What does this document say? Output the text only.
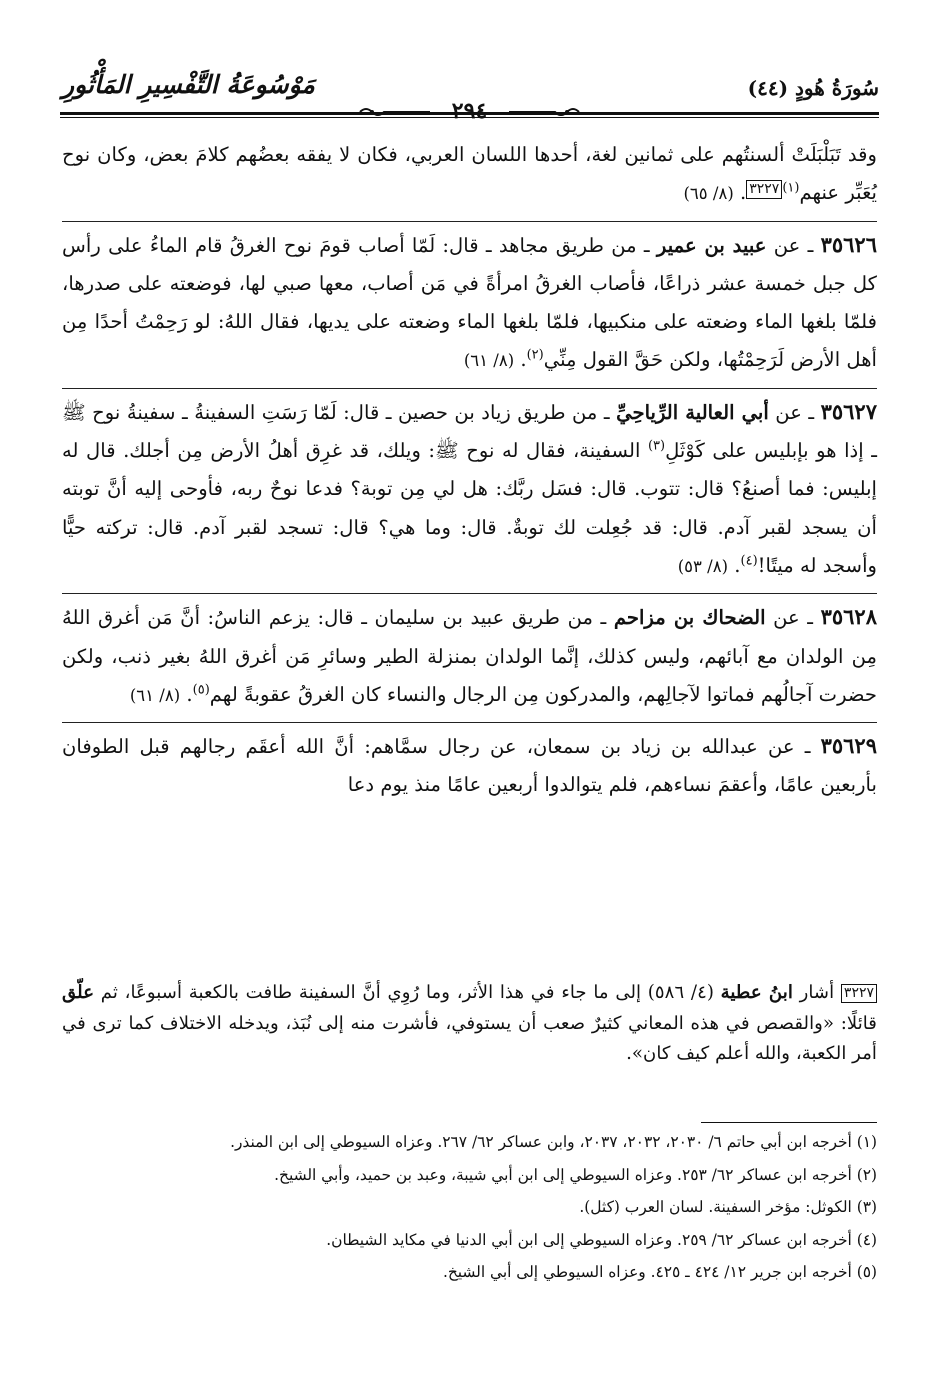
سُورَةُ هُودٍ (٤٤)
مَوْسُوعَةُ التَّفْسِيرِ المَأْثُورِ
٢٩٤

وقد تَبَلْبَلَتْ ألسنتُهم على ثمانين لغة، أحدها اللسان العربي، فكان لا يفقه بعضُهم كلامَ بعض، وكان نوح يُعَبِّر عنهم$^{(١)}$٣٢٢٧. (٨/ ٦٥)

٣٥٦٢٦ ـ عن عبيد بن عمير ـ من طريق مجاهد ـ قال: لَمّا أصاب قومَ نوح الغرقُ قام الماءُ على رأس كل جبل خمسة عشر ذراعًا، فأصاب الغرقُ امرأةً في مَن أصاب، معها صبي لها، فوضعته على صدرها، فلمّا بلغها الماء وضعته على منكبيها، فلمّا بلغها الماء وضعته على يديها، فقال اللهُ: لو رَحِمْتُ أحدًا مِن أهل الأرض لَرَحِمْتُها، ولكن حَقَّ القول مِنِّي$^{(٢)}$. (٨/ ٦١)

٣٥٦٢٧ ـ عن أبي العالية الرِّياحِيِّ ـ من طريق زياد بن حصين ـ قال: لَمّا رَسَتِ السفينةُ ـ سفينةُ نوح ﷺ ـ إذا هو بإبليس على كَوْثَلِ$^{(٣)}$ السفينة، فقال له نوح ﷺ: ويلك، قد غرِق أهلُ الأرض مِن أجلك. قال له إبليس: فما أصنعُ؟ قال: تتوب. قال: فسَل ربَّك: هل لي مِن توبة؟ فدعا نوحٌ ربه، فأوحى إليه أنَّ توبته أن يسجد لقبر آدم. قال: قد جُعِلت لك توبةٌ. قال: وما هي؟ قال: تسجد لقبر آدم. قال: تركته حيًّا وأسجد له ميتًا!$^{(٤)}$. (٨/ ٥٣)

٣٥٦٢٨ ـ عن الضحاك بن مزاحم ـ من طريق عبيد بن سليمان ـ قال: يزعم الناسُ: أنَّ مَن أغرق اللهُ مِن الولدان مع آبائهم، وليس كذلك، إنَّما الولدان بمنزلة الطير وسائرِ مَن أغرق اللهُ بغير ذنب، ولكن حضرت آجالُهم فماتوا لآجالِهم، والمدركون مِن الرجال والنساء كان الغرقُ عقوبةً لهم$^{(٥)}$. (٨/ ٦١)

٣٥٦٢٩ ـ عن عبدالله بن زياد بن سمعان، عن رجال سمَّاهم: أنَّ الله أعقَم رجالهم قبل الطوفان بأربعين عامًا، وأعقمَ نساءهم، فلم يتوالدوا أربعين عامًا منذ يوم دعا

٣٢٢٧ أشار ابنُ عطية (٤/ ٥٨٦) إلى ما جاء في هذا الأثر، وما رُوِي أنَّ السفينة طافت بالكعبة أسبوعًا، ثم علّق قائلًا: «والقصص في هذه المعاني كثيرٌ صعب أن يستوفي، فأشرت منه إلى نُبَذ، ويدخله الاختلاف كما ترى في أمر الكعبة، والله أعلم كيف كان».

(١) أخرجه ابن أبي حاتم ٦/ ٢٠٣٠، ٢٠٣٢، ٢٠٣٧، وابن عساكر ٦٢/ ٢٦٧. وعزاه السيوطي إلى ابن المنذر.

(٢) أخرجه ابن عساكر ٦٢/ ٢٥٣. وعزاه السيوطي إلى ابن أبي شيبة، وعبد بن حميد، وأبي الشيخ.

(٣) الكوثل: مؤخر السفينة. لسان العرب (كثل).

(٤) أخرجه ابن عساكر ٦٢/ ٢٥٩. وعزاه السيوطي إلى ابن أبي الدنيا في مكايد الشيطان.

(٥) أخرجه ابن جرير ١٢/ ٤٢٤ ـ ٤٢٥. وعزاه السيوطي إلى أبي الشيخ.
